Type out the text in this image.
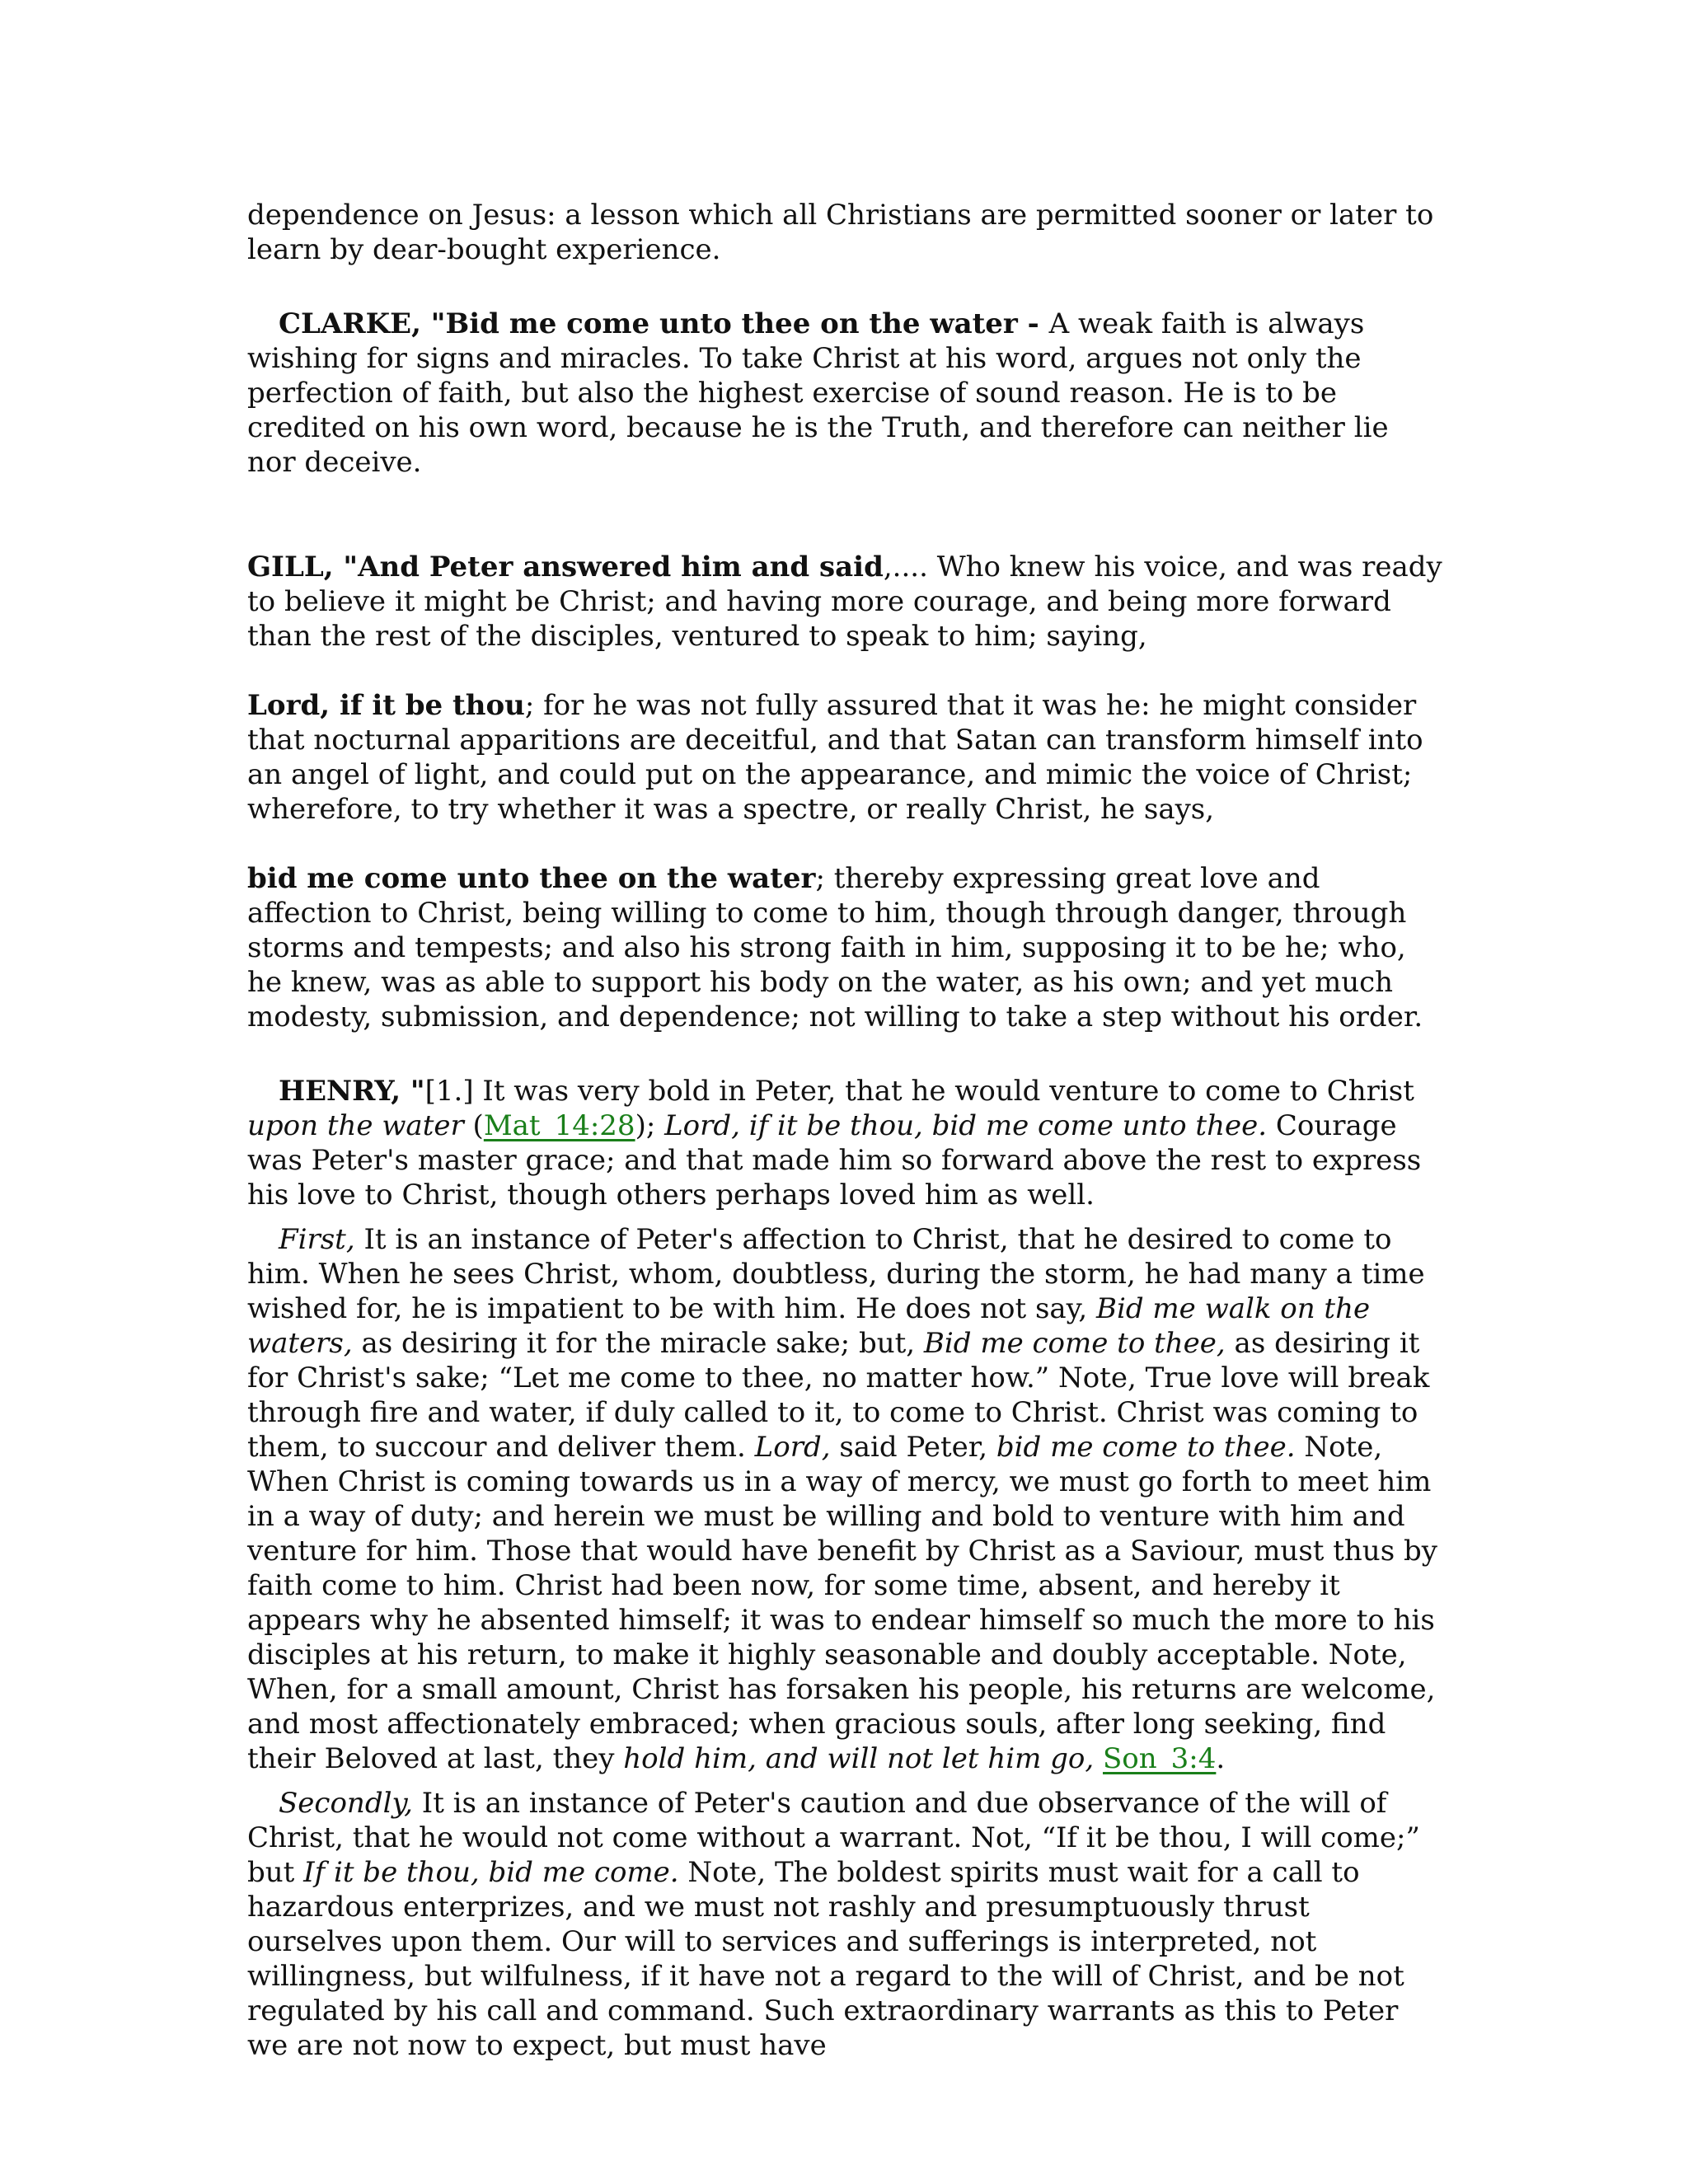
dependence on Jesus: a lesson which all Christians are permitted sooner or later to learn by dear-bought experience.

CLARKE, "Bid me come unto thee on the water - A weak faith is always wishing for signs and miracles. To take Christ at his word, argues not only the perfection of faith, but also the highest exercise of sound reason. He is to be credited on his own word, because he is the Truth, and therefore can neither lie nor deceive.

GILL, "And Peter answered him and said,.... Who knew his voice, and was ready to believe it might be Christ; and having more courage, and being more forward than the rest of the disciples, ventured to speak to him; saying,

Lord, if it be thou; for he was not fully assured that it was he: he might consider that nocturnal apparitions are deceitful, and that Satan can transform himself into an angel of light, and could put on the appearance, and mimic the voice of Christ; wherefore, to try whether it was a spectre, or really Christ, he says,

bid me come unto thee on the water; thereby expressing great love and affection to Christ, being willing to come to him, though through danger, through storms and tempests; and also his strong faith in him, supposing it to be he; who, he knew, was as able to support his body on the water, as his own; and yet much modesty, submission, and dependence; not willing to take a step without his order.

HENRY, "[1.] It was very bold in Peter, that he would venture to come to Christ upon the water (Mat_14:28); Lord, if it be thou, bid me come unto thee. Courage was Peter's master grace; and that made him so forward above the rest to express his love to Christ, though others perhaps loved him as well.

First, It is an instance of Peter's affection to Christ, that he desired to come to him. When he sees Christ, whom, doubtless, during the storm, he had many a time wished for, he is impatient to be with him. He does not say, Bid me walk on the waters, as desiring it for the miracle sake; but, Bid me come to thee, as desiring it for Christ's sake; “Let me come to thee, no matter how.” Note, True love will break through fire and water, if duly called to it, to come to Christ. Christ was coming to them, to succour and deliver them. Lord, said Peter, bid me come to thee. Note, When Christ is coming towards us in a way of mercy, we must go forth to meet him in a way of duty; and herein we must be willing and bold to venture with him and venture for him. Those that would have benefit by Christ as a Saviour, must thus by faith come to him. Christ had been now, for some time, absent, and hereby it appears why he absented himself; it was to endear himself so much the more to his disciples at his return, to make it highly seasonable and doubly acceptable. Note, When, for a small amount, Christ has forsaken his people, his returns are welcome, and most affectionately embraced; when gracious souls, after long seeking, find their Beloved at last, they hold him, and will not let him go, Son_3:4.

Secondly, It is an instance of Peter's caution and due observance of the will of Christ, that he would not come without a warrant. Not, “If it be thou, I will come;” but If it be thou, bid me come. Note, The boldest spirits must wait for a call to hazardous enterprizes, and we must not rashly and presumptuously thrust ourselves upon them. Our will to services and sufferings is interpreted, not willingness, but wilfulness, if it have not a regard to the will of Christ, and be not regulated by his call and command. Such extraordinary warrants as this to Peter we are not now to expect, but must have
